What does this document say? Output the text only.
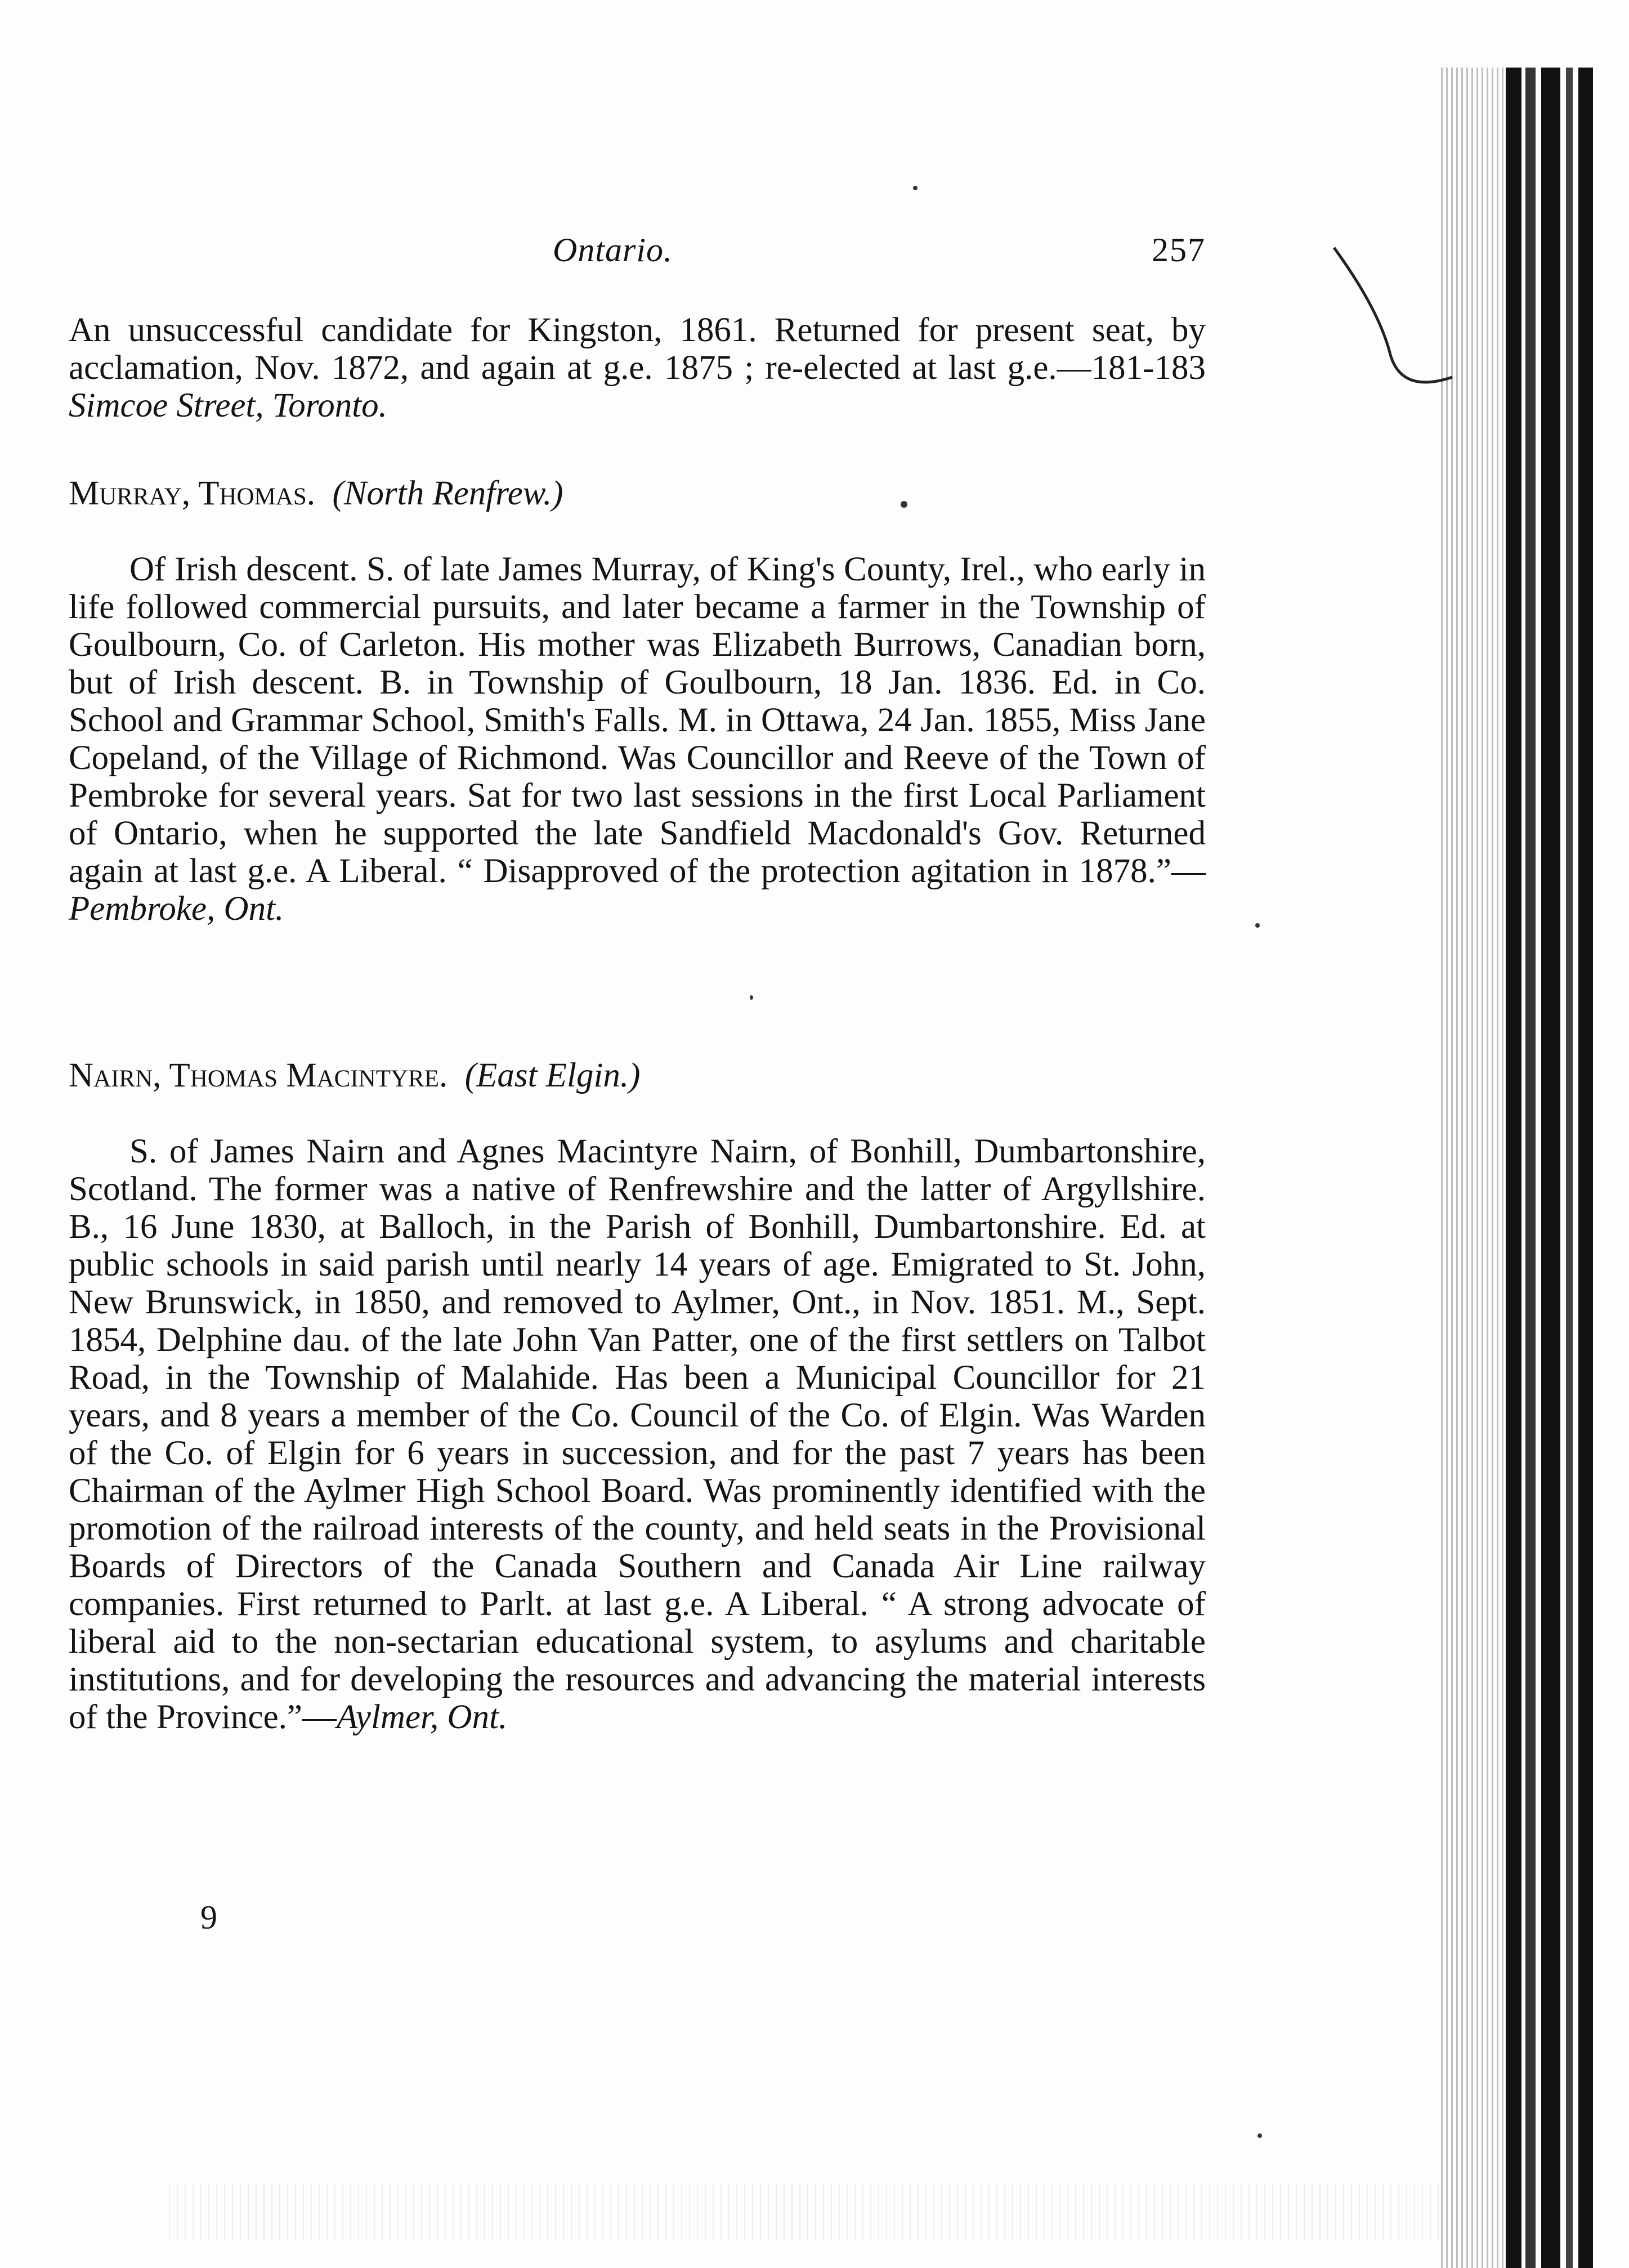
Ontario.	257

An unsuccessful candidate for Kingston, 1861. Returned for present seat, by acclamation, Nov. 1872, and again at g.e. 1875 ; re-elected at last g.e.—181-183 Simcoe Street, Toronto.

Murray, Thomas. (North Renfrew.)

Of Irish descent. S. of late James Murray, of King's County, Irel., who early in life followed commercial pursuits, and later became a farmer in the Township of Goulbourn, Co. of Carleton. His mother was Elizabeth Burrows, Canadian born, but of Irish descent. B. in Township of Goulbourn, 18 Jan. 1836. Ed. in Co. School and Grammar School, Smith's Falls. M. in Ottawa, 24 Jan. 1855, Miss Jane Copeland, of the Village of Richmond. Was Councillor and Reeve of the Town of Pembroke for several years. Sat for two last sessions in the first Local Parliament of Ontario, when he supported the late Sandfield Macdonald's Gov. Returned again at last g.e. A Liberal. “ Disapproved of the protection agitation in 1878.”—Pembroke, Ont.

Nairn, Thomas Macintyre. (East Elgin.)

S. of James Nairn and Agnes Macintyre Nairn, of Bonhill, Dumbartonshire, Scotland. The former was a native of Renfrewshire and the latter of Argyllshire. B., 16 June 1830, at Balloch, in the Parish of Bonhill, Dumbartonshire. Ed. at public schools in said parish until nearly 14 years of age. Emigrated to St. John, New Brunswick, in 1850, and removed to Aylmer, Ont., in Nov. 1851. M., Sept. 1854, Delphine dau. of the late John Van Patter, one of the first settlers on Talbot Road, in the Township of Malahide. Has been a Municipal Councillor for 21 years, and 8 years a member of the Co. Council of the Co. of Elgin. Was Warden of the Co. of Elgin for 6 years in succession, and for the past 7 years has been Chairman of the Aylmer High School Board. Was prominently identified with the promotion of the railroad interests of the county, and held seats in the Provisional Boards of Directors of the Canada Southern and Canada Air Line railway companies. First returned to Parlt. at last g.e. A Liberal. “ A strong advocate of liberal aid to the non-sectarian educational system, to asylums and charitable institutions, and for developing the resources and advancing the material interests of the Province.”—Aylmer, Ont.

9
